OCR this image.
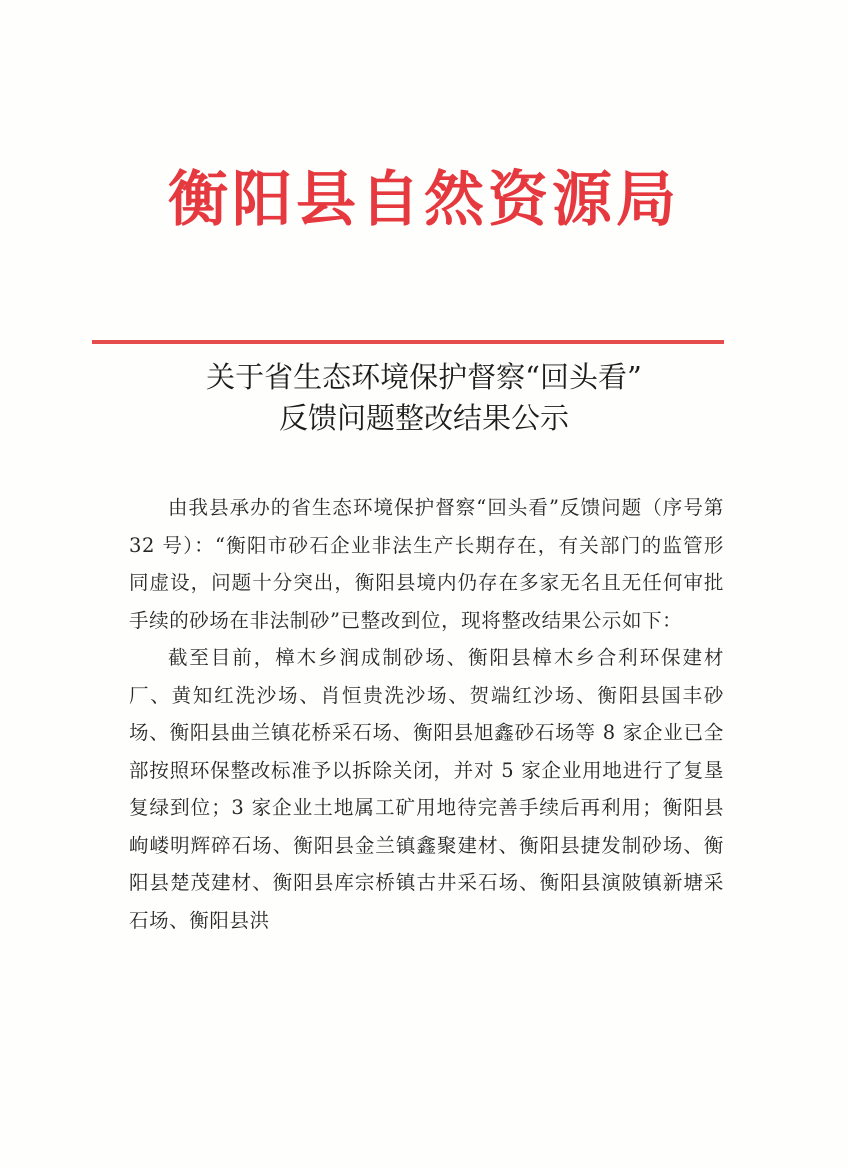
衡阳县自然资源局
关于省生态环境保护督察“回头看”
反馈问题整改结果公示

由我县承办的省生态环境保护督察“回头看”反馈问题（序号第 32 号）：“衡阳市砂石企业非法生产长期存在，有关部门的监管形同虚设，问题十分突出，衡阳县境内仍存在多家无名且无任何审批手续的砂场在非法制砂”已整改到位，现将整改结果公示如下：

截至目前，樟木乡润成制砂场、衡阳县樟木乡合利环保建材厂、黄知红洗沙场、肖恒贵洗沙场、贺端红沙场、衡阳县国丰砂场、衡阳县曲兰镇花桥采石场、衡阳县旭鑫砂石场等 8 家企业已全部按照环保整改标准予以拆除关闭，并对 5 家企业用地进行了复垦复绿到位；3 家企业土地属工矿用地待完善手续后再利用；衡阳县岣嵝明辉碎石场、衡阳县金兰镇鑫聚建材、衡阳县捷发制砂场、衡阳县楚茂建材、衡阳县库宗桥镇古井采石场、衡阳县演陂镇新塘采石场、衡阳县洪
